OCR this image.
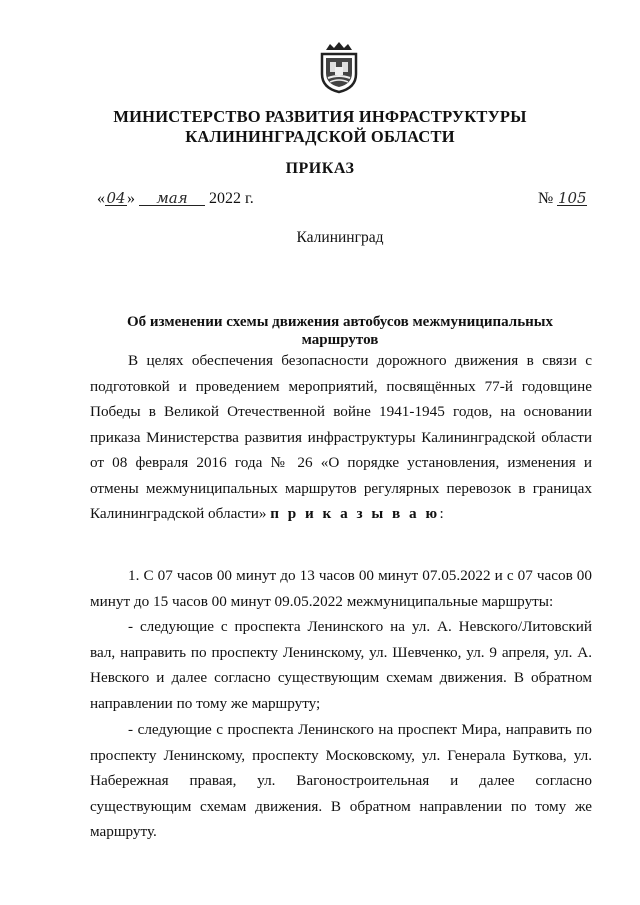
МИНИСТЕРСТВО РАЗВИТИЯ ИНФРАСТРУКТУРЫ
КАЛИНИНГРАДСКОЙ ОБЛАСТИ
ПРИКАЗ
«04» мая 2022 г.	№ 105
Калининград
Об изменении схемы движения автобусов межмуниципальных маршрутов
В целях обеспечения безопасности дорожного движения в связи с подготовкой и проведением мероприятий, посвящённых 77-й годовщине Победы в Великой Отечественной войне 1941-1945 годов, на основании приказа Министерства развития инфраструктуры Калининградской области от 08 февраля 2016 года № 26 «О порядке установления, изменения и отмены межмуниципальных маршрутов регулярных перевозок в границах Калининградской области» п р и к а з ы в а ю:
1. С 07 часов 00 минут до 13 часов 00 минут 07.05.2022 и с 07 часов 00 минут до 15 часов 00 минут 09.05.2022 межмуниципальные маршруты:
- следующие с проспекта Ленинского на ул. А. Невского/Литовский вал, направить по проспекту Ленинскому, ул. Шевченко, ул. 9 апреля, ул. А. Невского и далее согласно существующим схемам движения. В обратном направлении по тому же маршруту;
- следующие с проспекта Ленинского на проспект Мира, направить по проспекту Ленинскому, проспекту Московскому, ул. Генерала Буткова, ул. Набережная правая, ул. Вагоностроительная и далее согласно существующим схемам движения. В обратном направлении по тому же маршруту.
